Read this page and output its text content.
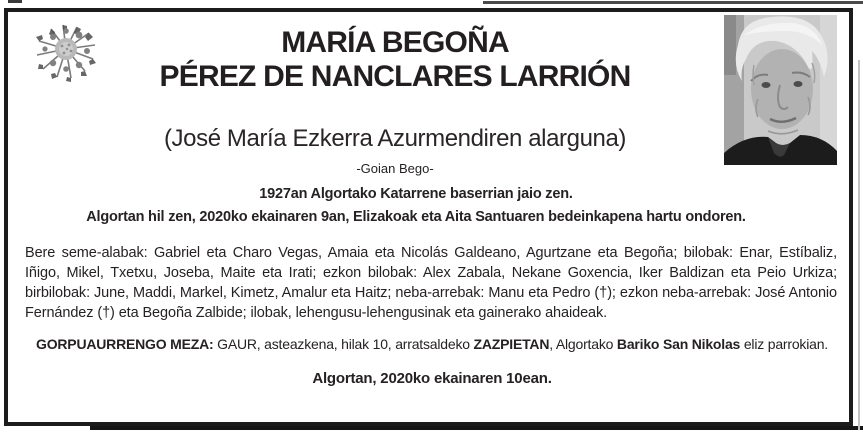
MARÍA BEGOÑA
PÉREZ DE NANCLARES LARRIÓN
(José María Ezkerra Azurmendiren alarguna)
-Goian Bego-
1927an Algortako Katarrene baserrian jaio zen.
Algortan hil zen, 2020ko ekainaren 9an, Elizakoak eta Aita Santuaren bedeinkapena hartu ondoren.
Bere seme-alabak: Gabriel eta Charo Vegas, Amaia eta Nicolás Galdeano, Agurtzane eta Begoña; bilobak: Enar, Estíbaliz, Iñigo, Mikel, Txetxu, Joseba, Maite eta Irati; ezkon bilobak: Alex Zabala, Nekane Goxencia, Iker Baldizan eta Peio Urkiza; birbilobak: June, Maddi, Markel, Kimetz, Amalur eta Haitz; neba-arrebak: Manu eta Pedro (†); ezkon neba-arrebak: José Antonio Fernández (†) eta Begoña Zalbide; ilobak, lehengusu-lehengusinak eta gainerako ahaideak.
GORPUAURRENGO MEZA: GAUR, asteazkena, hilak 10, arratsaldeko ZAZPIETAN, Algortako Bariko San Nikolas eliz parrokian.
Algortan, 2020ko ekainaren 10ean.
